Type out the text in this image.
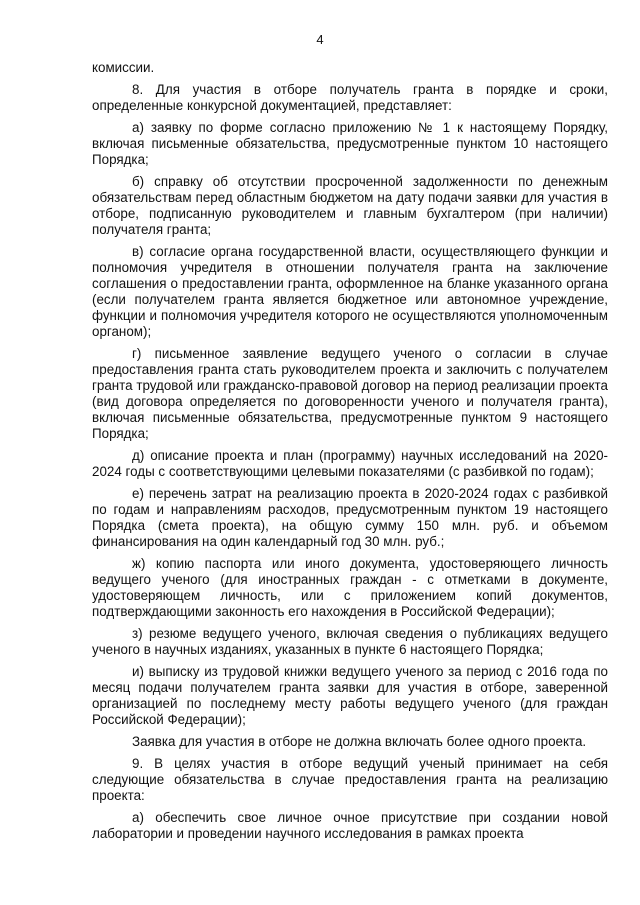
4

комиссии.

8. Для участия в отборе получатель гранта в порядке и сроки, определенные конкурсной документацией, представляет:

а) заявку по форме согласно приложению № 1 к настоящему Порядку, включая письменные обязательства, предусмотренные пунктом 10 настоящего Порядка;

б) справку об отсутствии просроченной задолженности по денежным обязательствам перед областным бюджетом на дату подачи заявки для участия в отборе, подписанную руководителем и главным бухгалтером (при наличии) получателя гранта;

в) согласие органа государственной власти, осуществляющего функции и полномочия учредителя в отношении получателя гранта на заключение соглашения о предоставлении гранта, оформленное на бланке указанного органа (если получателем гранта является бюджетное или автономное учреждение, функции и полномочия учредителя которого не осуществляются уполномоченным органом);

г) письменное заявление ведущего ученого о согласии в случае предоставления гранта стать руководителем проекта и заключить с получателем гранта трудовой или гражданско-правовой договор на период реализации проекта (вид договора определяется по договоренности ученого и получателя гранта), включая письменные обязательства, предусмотренные пунктом 9 настоящего Порядка;

д) описание проекта и план (программу) научных исследований на 2020-2024 годы с соответствующими целевыми показателями (с разбивкой по годам);

е) перечень затрат на реализацию проекта в 2020-2024 годах с разбивкой по годам и направлениям расходов, предусмотренным пунктом 19 настоящего Порядка (смета проекта), на общую сумму 150 млн. руб. и объемом финансирования на один календарный год 30 млн. руб.;

ж) копию паспорта или иного документа, удостоверяющего личность ведущего ученого (для иностранных граждан - с отметками в документе, удостоверяющем личность, или с приложением копий документов, подтверждающими законность его нахождения в Российской Федерации);

з) резюме ведущего ученого, включая сведения о публикациях ведущего ученого в научных изданиях, указанных в пункте 6 настоящего Порядка;

и) выписку из трудовой книжки ведущего ученого за период с 2016 года по месяц подачи получателем гранта заявки для участия в отборе, заверенной организацией по последнему месту работы ведущего ученого (для граждан Российской Федерации);

Заявка для участия в отборе не должна включать более одного проекта.

9. В целях участия в отборе ведущий ученый принимает на себя следующие обязательства в случае предоставления гранта на реализацию проекта:

а) обеспечить свое личное очное присутствие при создании новой лаборатории и проведении научного исследования в рамках проекта
